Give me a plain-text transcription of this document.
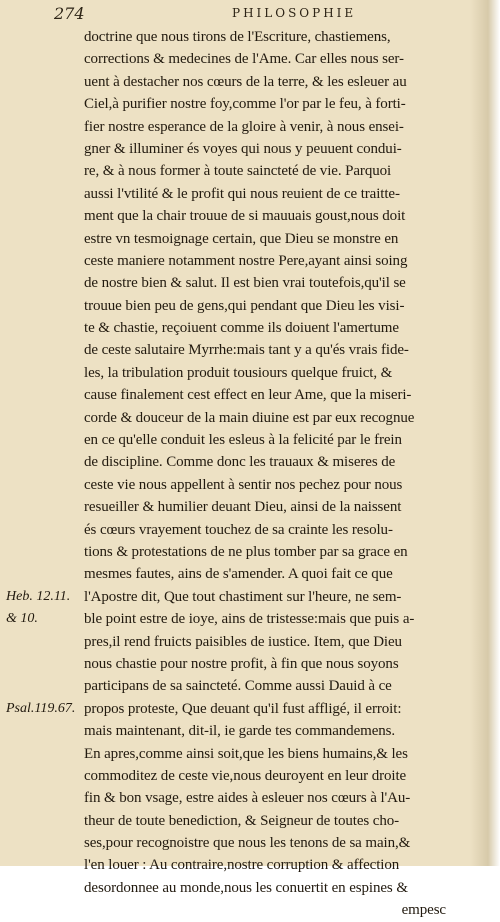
274	PHILOSOPHIE
Heb. 12.11.
& 10.
Psal.119.67.
doctrine que nous tirons de l'Escriture, chastiemens,
corrections & medecines de l'Ame. Car elles nous ser-
uent à destacher nos cœurs de la terre, & les esleuer au
Ciel,à purifier nostre foy,comme l'or par le feu, à forti-
fier nostre esperance de la gloire à venir, à nous ensei-
gner & illuminer és voyes qui nous y peuuent condui-
re, & à nous former à toute saincteté de vie. Parquoi
aussi l'vtilité & le profit qui nous reuient de ce traitte-
ment que la chair trouue de si mauuais goust,nous doit
estre vn tesmoignage certain, que Dieu se monstre en
ceste maniere notamment nostre Pere,ayant ainsi soing
de nostre bien & salut. Il est bien vrai toutefois,qu'il se
trouue bien peu de gens,qui pendant que Dieu les visi-
te & chastie, reçoiuent comme ils doiuent l'amertume
de ceste salutaire Myrrhe:mais tant y a qu'és vrais fide-
les, la tribulation produit tousiours quelque fruict, &
cause finalement cest effect en leur Ame, que la miseri-
corde & douceur de la main diuine est par eux recognue
en ce qu'elle conduit les esleus à la felicité par le frein
de discipline. Comme donc les trauaux & miseres de
ceste vie nous appellent à sentir nos pechez pour nous
resueiller & humilier deuant Dieu, ainsi de la naissent
és cœurs vrayement touchez de sa crainte les resolu-
tions & protestations de ne plus tomber par sa grace en
mesmes fautes, ains de s'amender. A quoi fait ce que
l'Apostre dit, Que tout chastiment sur l'heure, ne sem-
ble point estre de ioye, ains de tristesse:mais que puis a-
pres,il rend fruicts paisibles de iustice. Item, que Dieu
nous chastie pour nostre profit, à fin que nous soyons
participans de sa saincteté. Comme aussi Dauid à ce
propos proteste, Que deuant qu'il fust affligé, il erroit:
mais maintenant, dit-il, ie garde tes commandemens.
En apres,comme ainsi soit,que les biens humains,& les
commoditez de ceste vie,nous deuroyent en leur droite
fin & bon vsage, estre aides à esleuer nos cœurs à l'Au-
theur de toute benediction, & Seigneur de toutes cho-
ses,pour recognoistre que nous les tenons de sa main,&
l'en louer : Au contraire,nostre corruption & affection
desordonnee au monde,nous les conuertit en espines &
empesc
